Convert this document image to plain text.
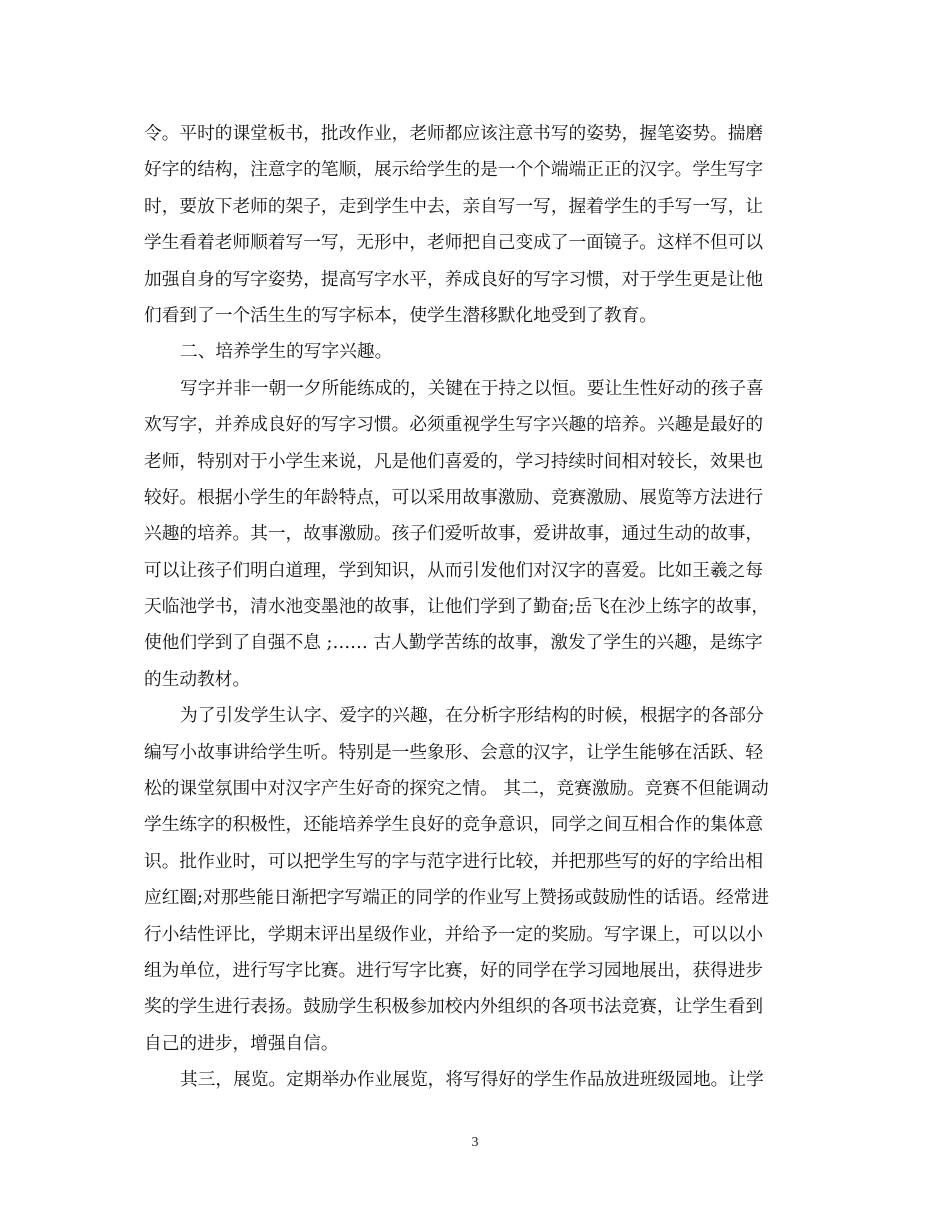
令。平时的课堂板书，批改作业，老师都应该注意书写的姿势，握笔姿势。揣磨
好字的结构，注意字的笔顺，展示给学生的是一个个端端正正的汉字。学生写字
时，要放下老师的架子，走到学生中去，亲自写一写，握着学生的手写一写，让
学生看着老师顺着写一写，无形中，老师把自己变成了一面镜子。这样不但可以
加强自身的写字姿势，提高写字水平，养成良好的写字习惯，对于学生更是让他
们看到了一个活生生的写字标本，使学生潜移默化地受到了教育。
二、培养学生的写字兴趣。
写字并非一朝一夕所能练成的，关键在于持之以恒。要让生性好动的孩子喜
欢写字，并养成良好的写字习惯。必须重视学生写字兴趣的培养。兴趣是最好的
老师，特别对于小学生来说，凡是他们喜爱的，学习持续时间相对较长，效果也
较好。根据小学生的年龄特点，可以采用故事激励、竞赛激励、展览等方法进行
兴趣的培养。其一，故事激励。孩子们爱听故事，爱讲故事，通过生动的故事，
可以让孩子们明白道理，学到知识，从而引发他们对汉字的喜爱。比如王羲之每
天临池学书，清水池变墨池的故事，让他们学到了勤奋;岳飞在沙上练字的故事，
使他们学到了自强不息 ;…… 古人勤学苦练的故事，激发了学生的兴趣，是练字
的生动教材。
为了引发学生认字、爱字的兴趣，在分析字形结构的时候，根据字的各部分
编写小故事讲给学生听。特别是一些象形、会意的汉字，让学生能够在活跃、轻
松的课堂氛围中对汉字产生好奇的探究之情。 其二，竞赛激励。竞赛不但能调动
学生练字的积极性，还能培养学生良好的竞争意识，同学之间互相合作的集体意
识。批作业时，可以把学生写的字与范字进行比较，并把那些写的好的字给出相
应红圈;对那些能日渐把字写端正的同学的作业写上赞扬或鼓励性的话语。经常进
行小结性评比，学期末评出星级作业，并给予一定的奖励。写字课上，可以以小
组为单位，进行写字比赛。进行写字比赛，好的同学在学习园地展出，获得进步
奖的学生进行表扬。鼓励学生积极参加校内外组织的各项书法竞赛，让学生看到
自己的进步，增强自信。
其三，展览。定期举办作业展览，将写得好的学生作品放进班级园地。让学
3
